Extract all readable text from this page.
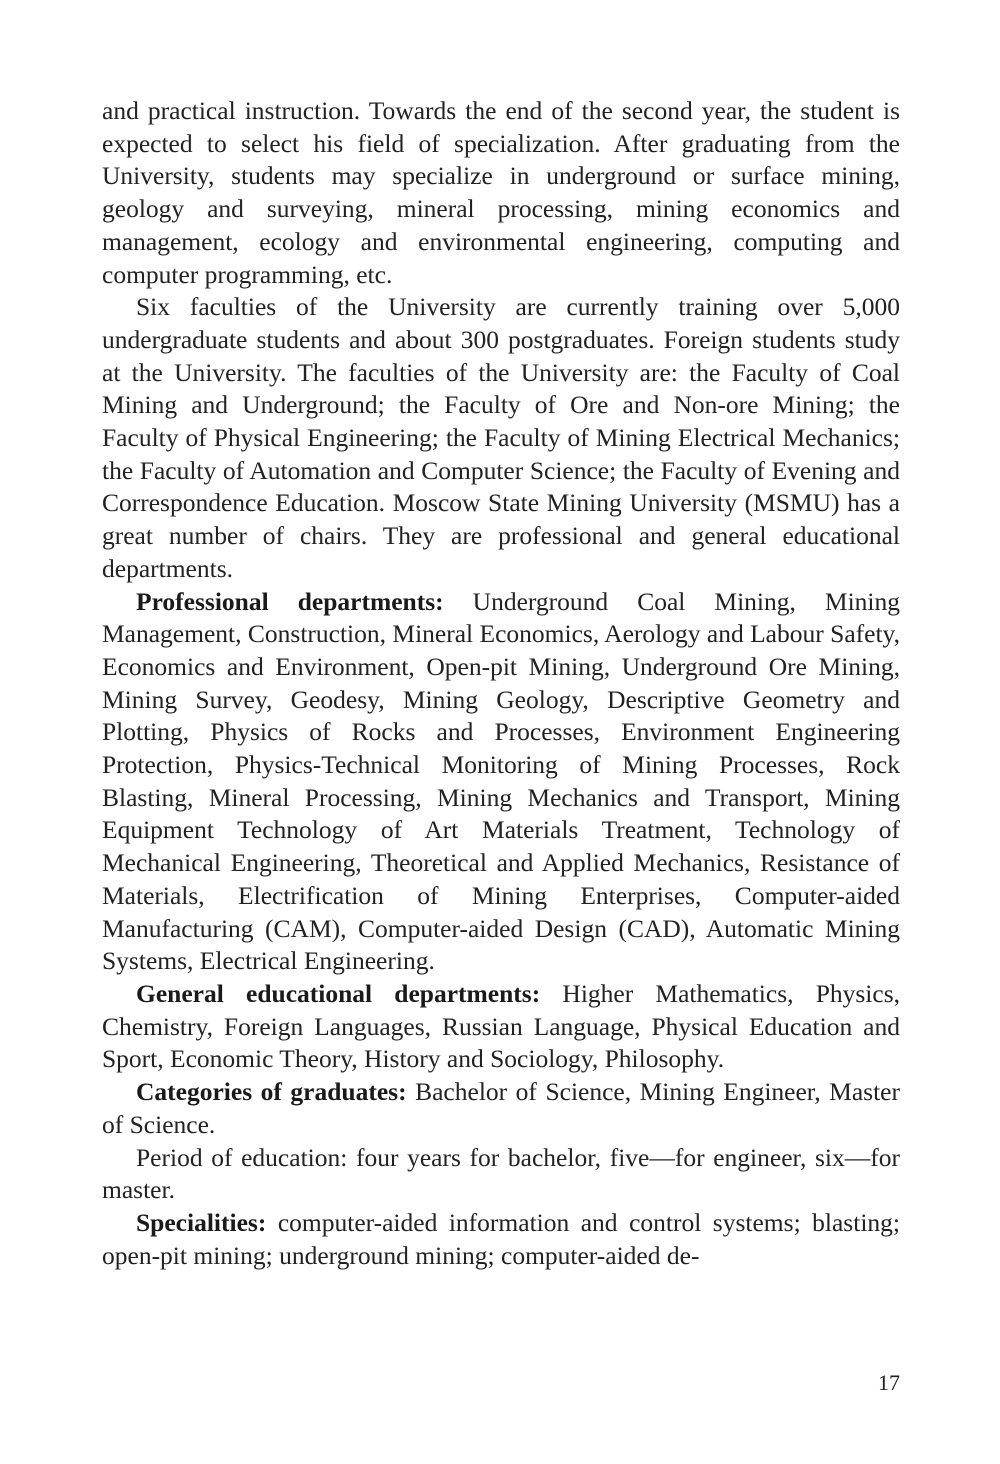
and practical instruction. Towards the end of the second year, the student is expected to select his field of specialization. After graduating from the University, students may specialize in underground or surface mining, geology and surveying, mineral processing, mining economics and management, ecology and environmental engineering, computing and computer programming, etc.

Six faculties of the University are currently training over 5,000 undergraduate students and about 300 postgraduates. Foreign students study at the University. The faculties of the University are: the Faculty of Coal Mining and Underground; the Faculty of Ore and Non-ore Mining; the Faculty of Physical Engineering; the Faculty of Mining Electrical Mechanics; the Faculty of Automation and Computer Science; the Faculty of Evening and Correspondence Education. Moscow State Mining University (MSMU) has a great number of chairs. They are professional and general educational departments.

Professional departments: Underground Coal Mining, Mining Management, Construction, Mineral Economics, Aerology and Labour Safety, Economics and Environment, Open-pit Mining, Underground Ore Mining, Mining Survey, Geodesy, Mining Geology, Descriptive Geometry and Plotting, Physics of Rocks and Processes, Environment Engineering Protection, Physics-Technical Monitoring of Mining Processes, Rock Blasting, Mineral Processing, Mining Mechanics and Transport, Mining Equipment Technology of Art Materials Treatment, Technology of Mechanical Engineering, Theoretical and Applied Mechanics, Resistance of Materials, Electrification of Mining Enterprises, Computer-aided Manufacturing (CAM), Computer-aided Design (CAD), Automatic Mining Systems, Electrical Engineering.

General educational departments: Higher Mathematics, Physics, Chemistry, Foreign Languages, Russian Language, Physical Education and Sport, Economic Theory, History and Sociology, Philosophy.

Categories of graduates: Bachelor of Science, Mining Engineer, Master of Science.

Period of education: four years for bachelor, five—for engineer, six—for master.

Specialities: computer-aided information and control systems; blasting; open-pit mining; underground mining; computer-aided de-

17
